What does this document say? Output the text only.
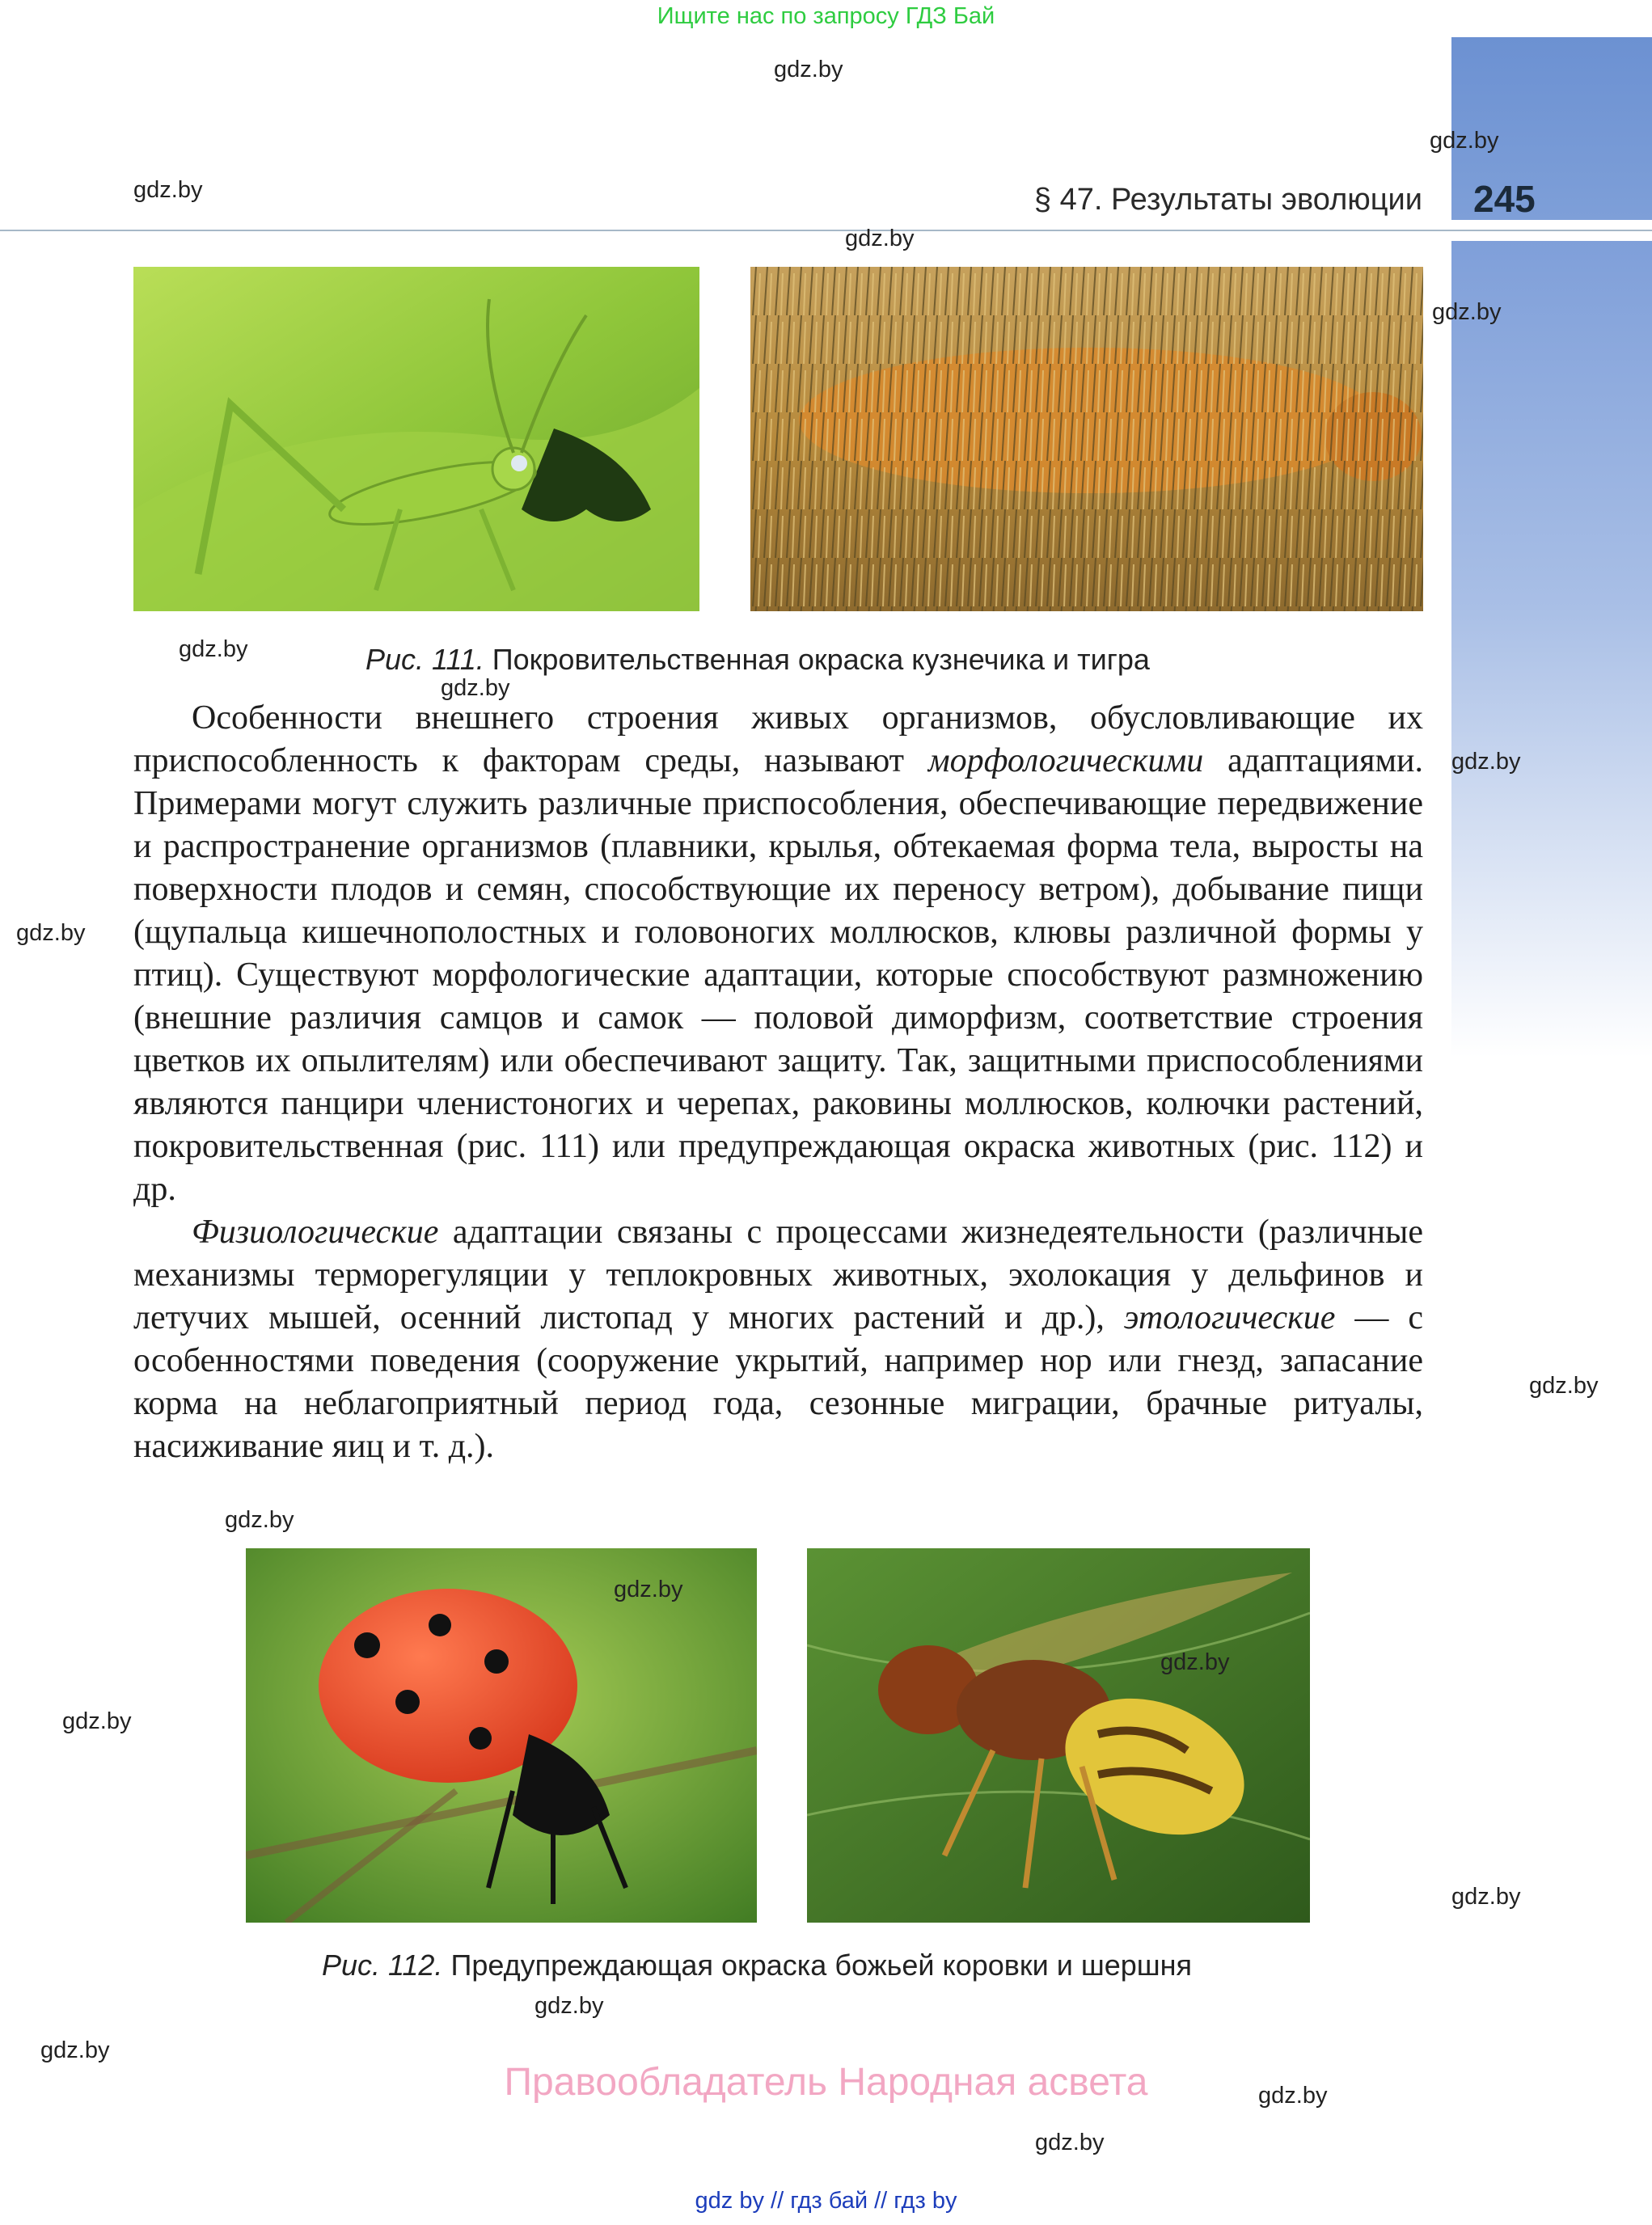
Ищите нас по запросу ГДЗ Бай
§ 47. Результаты эволюции 245
Рис. 111. Покровительственная окраска кузнечика и тигра

Особенности внешнего строения живых организмов, обусловливающие их приспособленность к факторам среды, называют морфологическими адаптациями. Примерами могут служить различные приспособления, обеспечивающие передвижение и распространение организмов (плавники, крылья, обтекаемая форма тела, выросты на поверхности плодов и семян, способствующие их переносу ветром), добывание пищи (щупальца кишечнополостных и головоногих моллюсков, клювы различной формы у птиц). Существуют морфологические адаптации, которые способствуют размножению (внешние различия самцов и самок — половой диморфизм, соответствие строения цветков их опылителям) или обеспечивают защиту. Так, защитными приспособлениями являются панцири членистоногих и черепах, раковины моллюсков, колючки растений, покровительственная (рис. 111) или предупреждающая окраска животных (рис. 112) и др.

Физиологические адаптации связаны с процессами жизнедеятельности (различные механизмы терморегуляции у теплокровных животных, эхолокация у дельфинов и летучих мышей, осенний листопад у многих растений и др.), этологические — с особенностями поведения (сооружение укрытий, например нор или гнезд, запасание корма на неблагоприятный период года, сезонные миграции, брачные ритуалы, насиживание яиц и т. д.).

Рис. 112. Предупреждающая окраска божьей коровки и шершня
Правообладатель Народная асвета
gdz by // гдз бай // гдз by
gdz.by
gdz.by
gdz.by
gdz.by
gdz.by
gdz.by
gdz.by
gdz.by
gdz.by
gdz.by
gdz.by
gdz.by
gdz.by
gdz.by
gdz.by
gdz.by
gdz.by
gdz.by
gdz.by
